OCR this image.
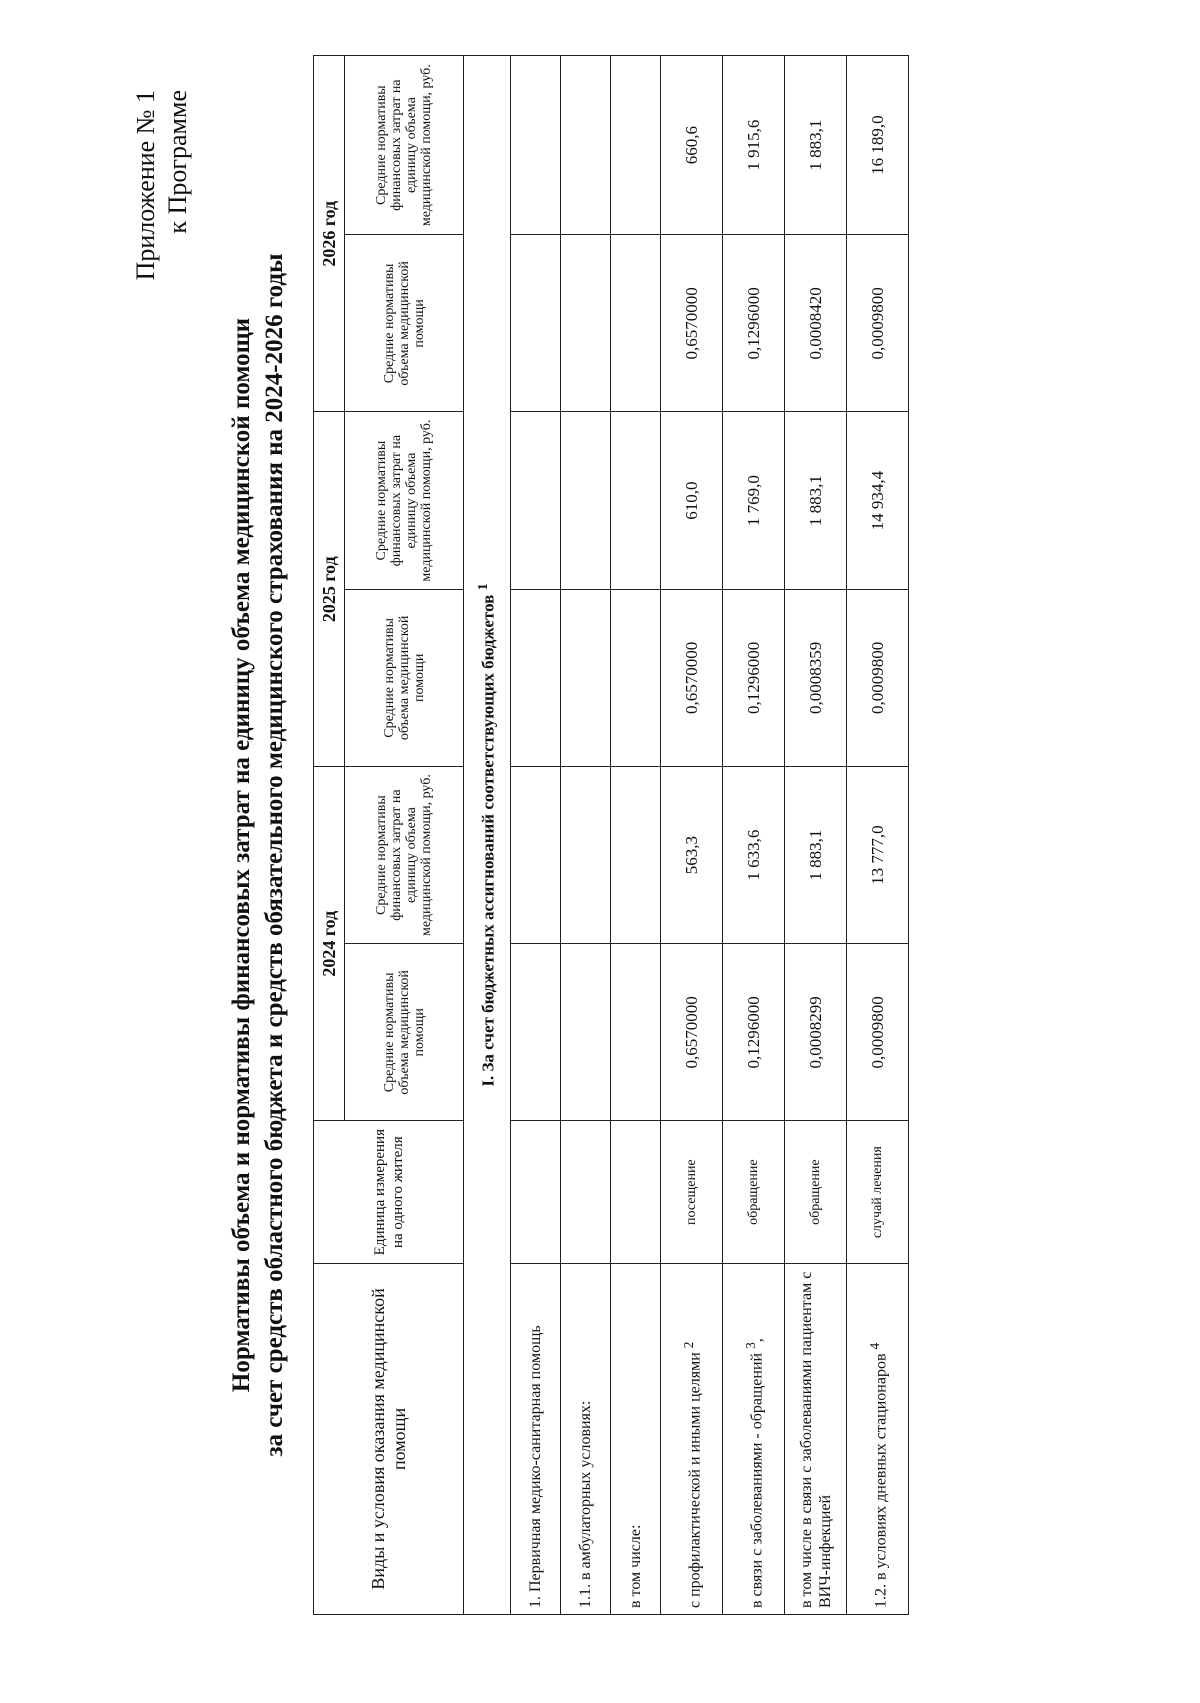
Приложение № 1 к Программе
Нормативы объема и нормативы финансовых затрат на единицу объема медицинской помощи за счет средств областного бюджета и средств обязательного медицинского страхования на 2024-2026 годы	Виды и условия оказания медицинской помощи	Единица измерения на одного жителя	2024 год		2025 год		2026 год	
		Средние нормативы объема медицинской помощи	Средние нормативы финансовых затрат на единицу объема медицинской помощи, руб.	Средние нормативы объема медицинской помощи	Средние нормативы финансовых затрат на единицу объема медицинской помощи, руб.	Средние нормативы объема медицинской помощи	Средние нормативы финансовых затрат на единицу объема медицинской помощи, руб.
I. За счет бюджетных ассигнований соответствующих бюджетов $^1$
1. Первичная медико-санитарная помощь							
1.1. в амбулаторных условиях:							
в том числе:							
с профилактической и иными целями $^2$	посещение	0,6570000	563,3	0,6570000	610,0	0,6570000	660,6
в связи с заболеваниями - обращений $^3$,	обращение	0,1296000	1 633,6	0,1296000	1 769,0	0,1296000	1 915,6
в том числе в связи с заболеваниями пациентам с ВИЧ-инфекцией	обращение	0,0008299	1 883,1	0,0008359	1 883,1	0,0008420	1 883,1
1.2. в условиях дневных стационаров $^4$	случай лечения	0,0009800	13 777,0	0,0009800	14 934,4	0,0009800	16 189,0
